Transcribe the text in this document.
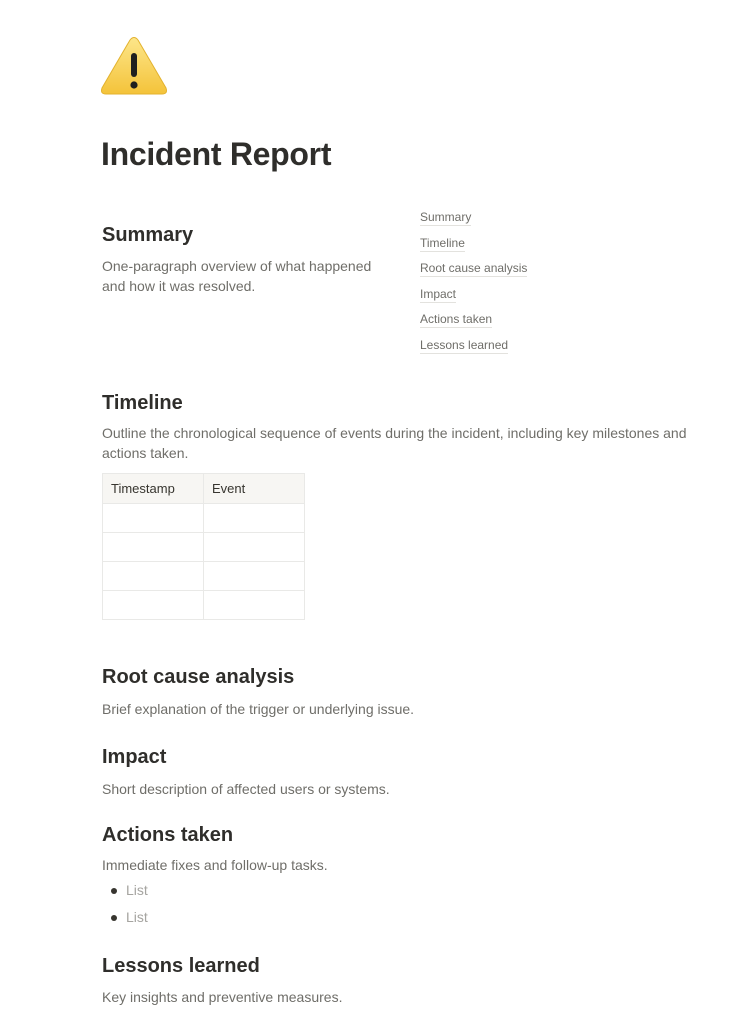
Incident Report
Summary
Timeline
Root cause analysis
Impact
Actions taken
Lessons learned
Summary

One-paragraph overview of what happened and how it was resolved.

Timeline

Outline the chronological sequence of events during the incident, including key milestones and actions taken.

Timestamp	Event

Root cause analysis

Brief explanation of the trigger or underlying issue.

Impact

Short description of affected users or systems.

Actions taken

Immediate fixes and follow-up tasks.

List
List
Lessons learned

Key insights and preventive measures.
